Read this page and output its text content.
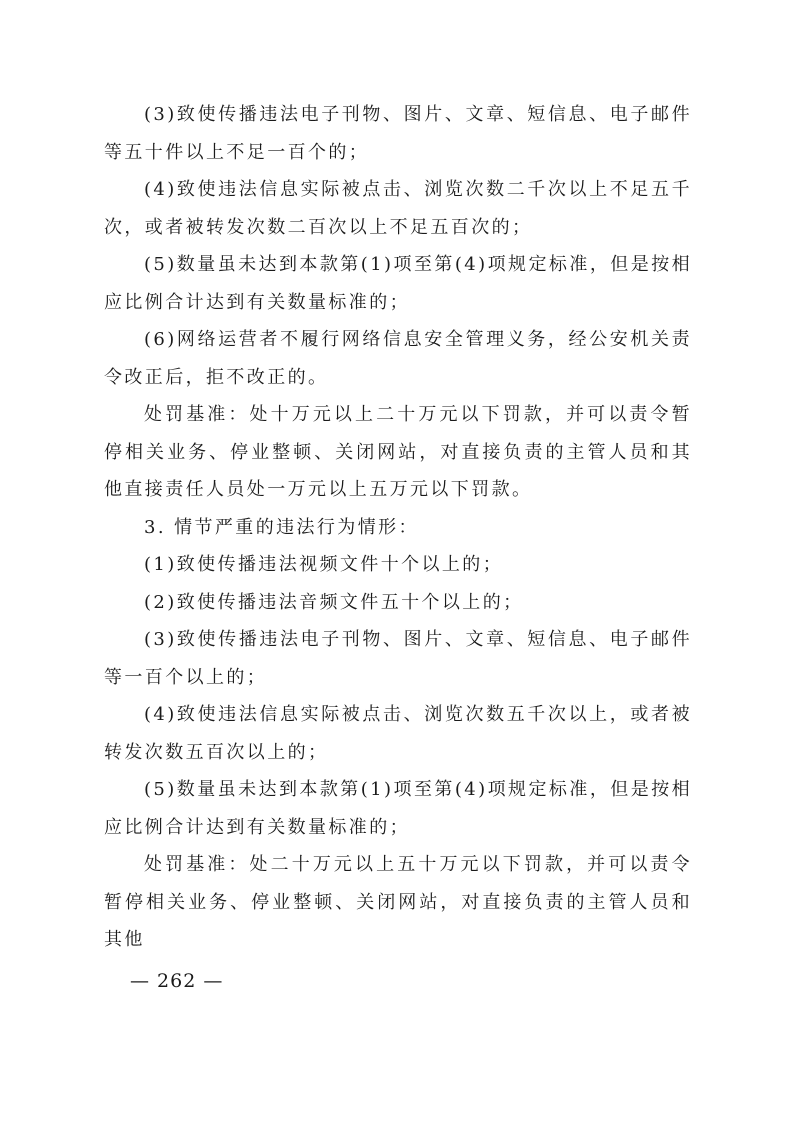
(3)致使传播违法电子刊物、图片、文章、短信息、电子邮件等五十件以上不足一百个的；

(4)致使违法信息实际被点击、浏览次数二千次以上不足五千次，或者被转发次数二百次以上不足五百次的；

(5)数量虽未达到本款第(1)项至第(4)项规定标准，但是按相应比例合计达到有关数量标准的；

(6)网络运营者不履行网络信息安全管理义务，经公安机关责令改正后，拒不改正的。

处罚基准：处十万元以上二十万元以下罚款，并可以责令暂停相关业务、停业整顿、关闭网站，对直接负责的主管人员和其他直接责任人员处一万元以上五万元以下罚款。

3. 情节严重的违法行为情形：

(1)致使传播违法视频文件十个以上的；

(2)致使传播违法音频文件五十个以上的；

(3)致使传播违法电子刊物、图片、文章、短信息、电子邮件等一百个以上的；

(4)致使违法信息实际被点击、浏览次数五千次以上，或者被转发次数五百次以上的；

(5)数量虽未达到本款第(1)项至第(4)项规定标准，但是按相应比例合计达到有关数量标准的；

处罚基准：处二十万元以上五十万元以下罚款，并可以责令暂停相关业务、停业整顿、关闭网站，对直接负责的主管人员和其他

— 262 —
